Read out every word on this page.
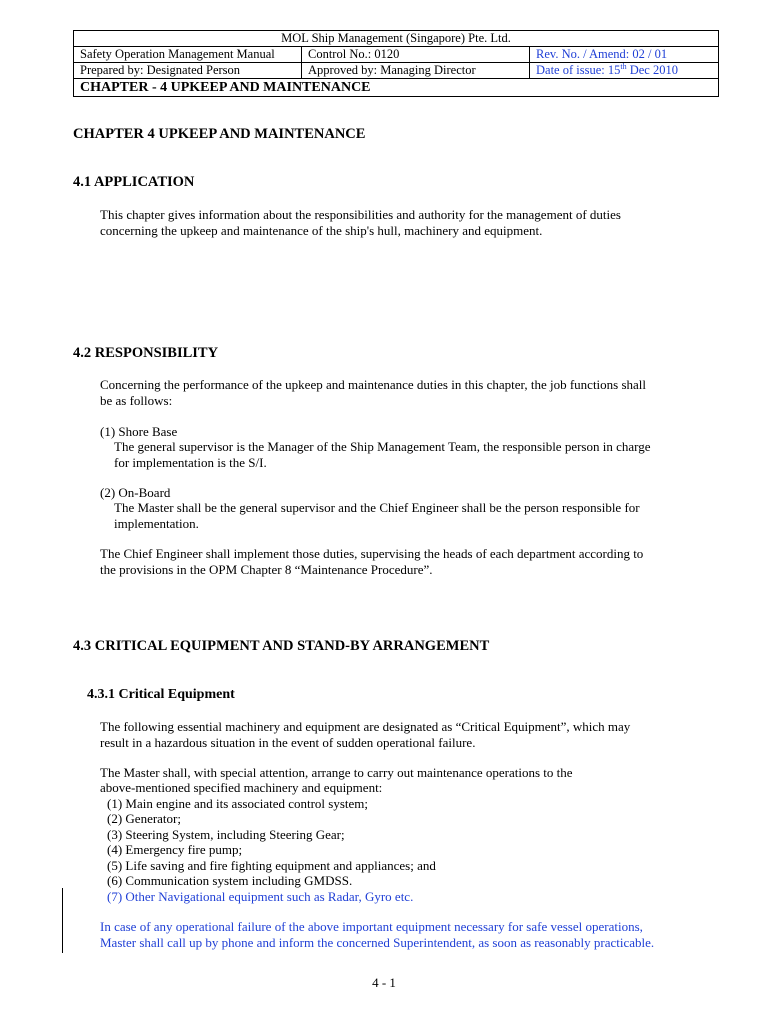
MOL Ship Management (Singapore) Pte. Ltd.		
Safety Operation Management Manual	Control No.: 0120	Rev. No. / Amend: 02 / 01
Prepared by: Designated Person	Approved by: Managing Director	Date of issue: 15th Dec 2010
CHAPTER - 4 UPKEEP AND MAINTENANCE		
CHAPTER 4 UPKEEP AND MAINTENANCE
4.1 APPLICATION
This chapter gives information about the responsibilities and authority for the management of duties
concerning the upkeep and maintenance of the ship's hull, machinery and equipment.
4.2 RESPONSIBILITY
Concerning the performance of the upkeep and maintenance duties in this chapter, the job functions shall
be as follows:
(1) Shore Base
The general supervisor is the Manager of the Ship Management Team, the responsible person in charge
for implementation is the S/I.
(2) On-Board
The Master shall be the general supervisor and the Chief Engineer shall be the person responsible for
implementation.
The Chief Engineer shall implement those duties, supervising the heads of each department according to
the provisions in the OPM Chapter 8 “Maintenance Procedure”.
4.3 CRITICAL EQUIPMENT AND STAND-BY ARRANGEMENT
4.3.1 Critical Equipment
The following essential machinery and equipment are designated as “Critical Equipment”, which may
result in a hazardous situation in the event of sudden operational failure.
The Master shall, with special attention, arrange to carry out maintenance operations to the
above-mentioned specified machinery and equipment:
(1) Main engine and its associated control system;
(2) Generator;
(3) Steering System, including Steering Gear;
(4) Emergency fire pump;
(5) Life saving and fire fighting equipment and appliances; and
(6) Communication system including GMDSS.
(7) Other Navigational equipment such as Radar, Gyro etc.
In case of any operational failure of the above important equipment necessary for safe vessel operations,
Master shall call up by phone and inform the concerned Superintendent, as soon as reasonably practicable.
4 - 1
